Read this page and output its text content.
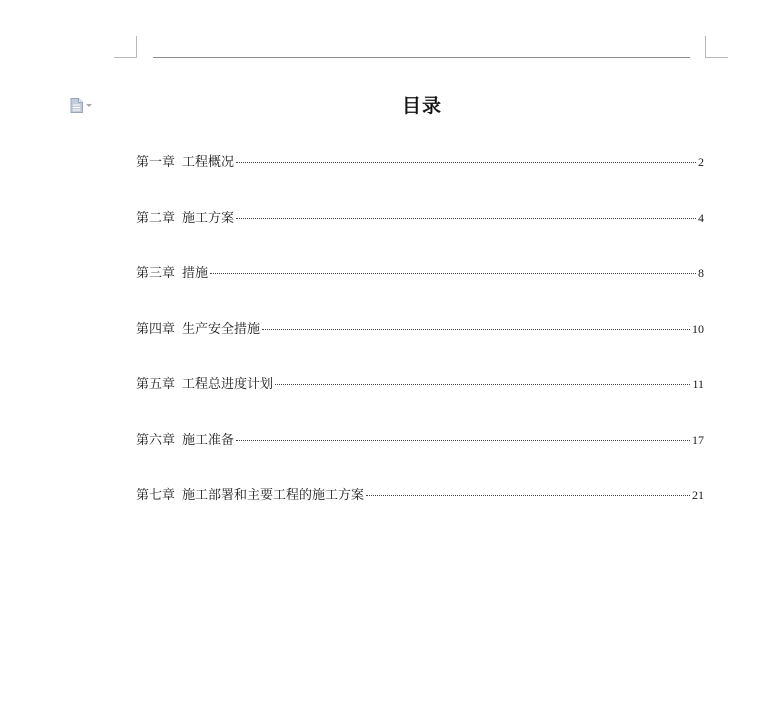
目录
第一章 工程概况	2
第二章 施工方案	4
第三章 措施	8
第四章 生产安全措施	10
第五章 工程总进度计划	11
第六章 施工准备	17
第七章 施工部署和主要工程的施工方案	21
